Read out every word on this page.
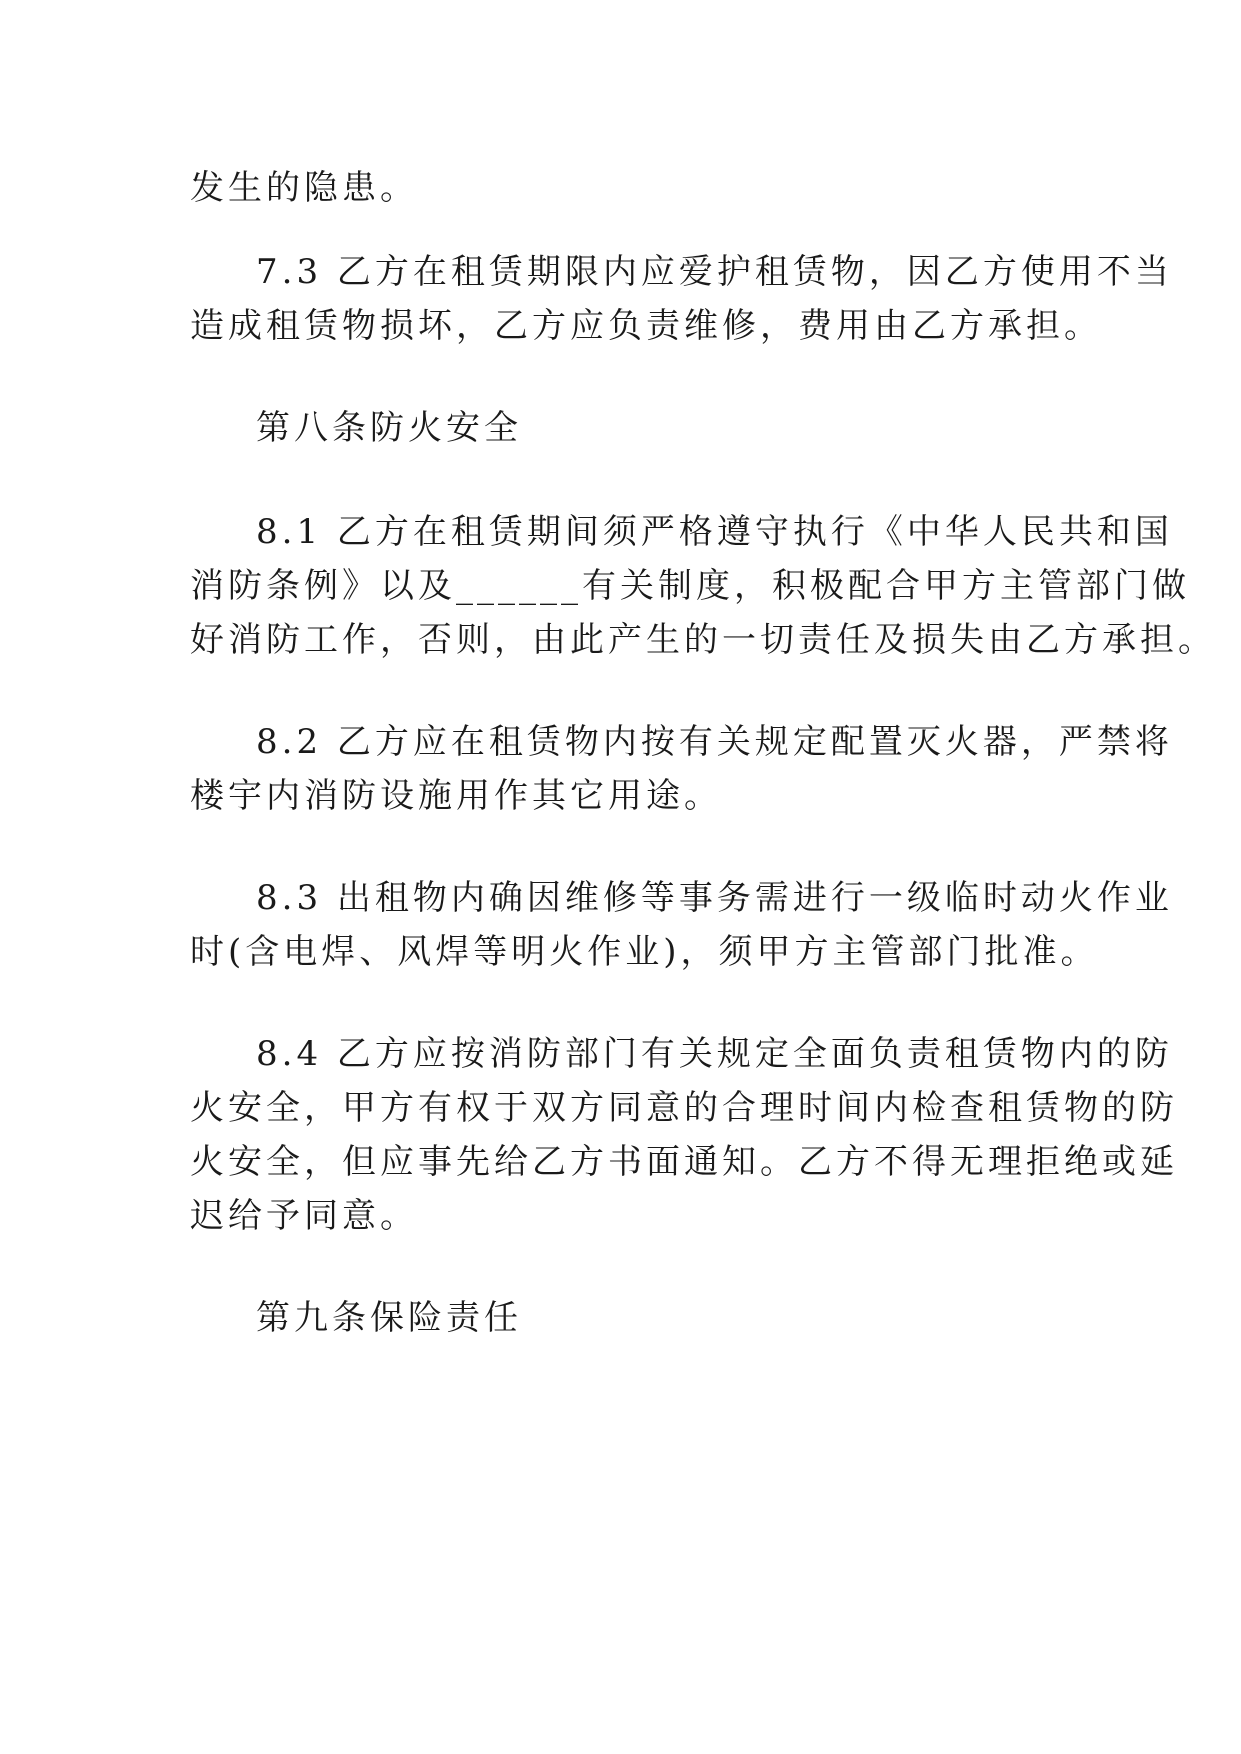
发生的隐患。

7.3 乙方在租赁期限内应爱护租赁物，因乙方使用不当

造成租赁物损坏，乙方应负责维修，费用由乙方承担。

第八条防火安全

8.1 乙方在租赁期间须严格遵守执行《中华人民共和国

消防条例》以及______有关制度，积极配合甲方主管部门做

好消防工作，否则，由此产生的一切责任及损失由乙方承担。

8.2 乙方应在租赁物内按有关规定配置灭火器，严禁将

楼宇内消防设施用作其它用途。

8.3 出租物内确因维修等事务需进行一级临时动火作业

时(含电焊、风焊等明火作业)，须甲方主管部门批准。

8.4 乙方应按消防部门有关规定全面负责租赁物内的防

火安全，甲方有权于双方同意的合理时间内检查租赁物的防

火安全，但应事先给乙方书面通知。乙方不得无理拒绝或延

迟给予同意。

第九条保险责任
